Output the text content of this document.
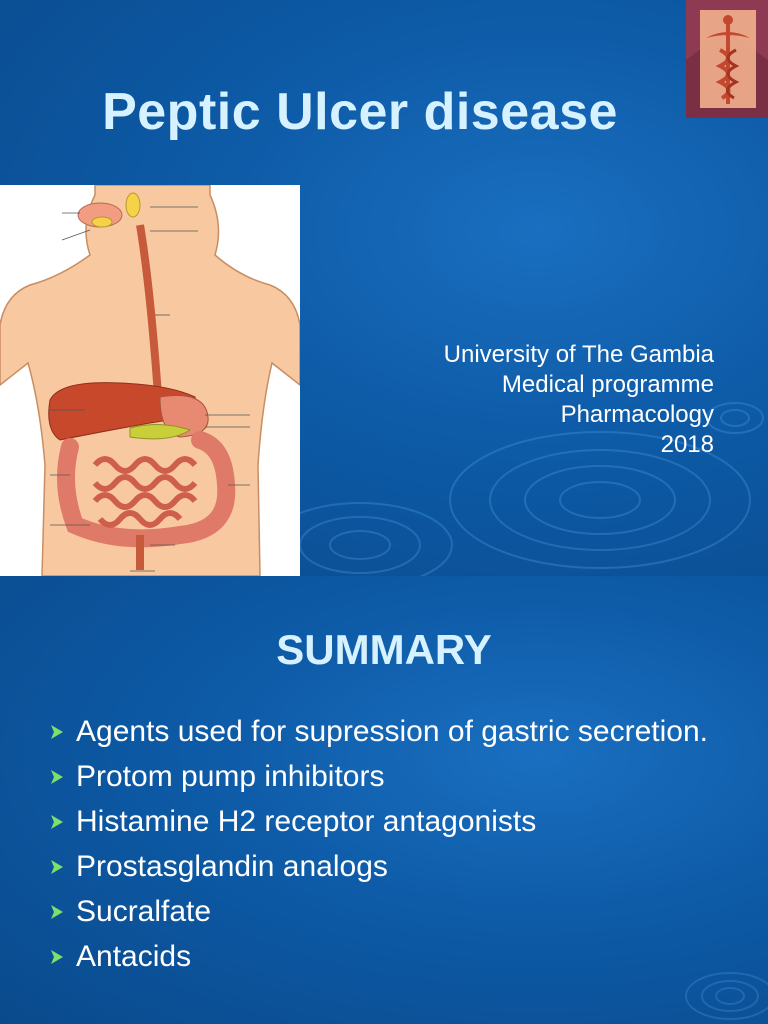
Peptic Ulcer disease
University of The Gambia
Medical programme
Pharmacology
2018
SUMMARY
Agents used for supression of gastric secretion.
Protom pump inhibitors
Histamine H2 receptor antagonists
Prostasglandin analogs
Sucralfate
Antacids
